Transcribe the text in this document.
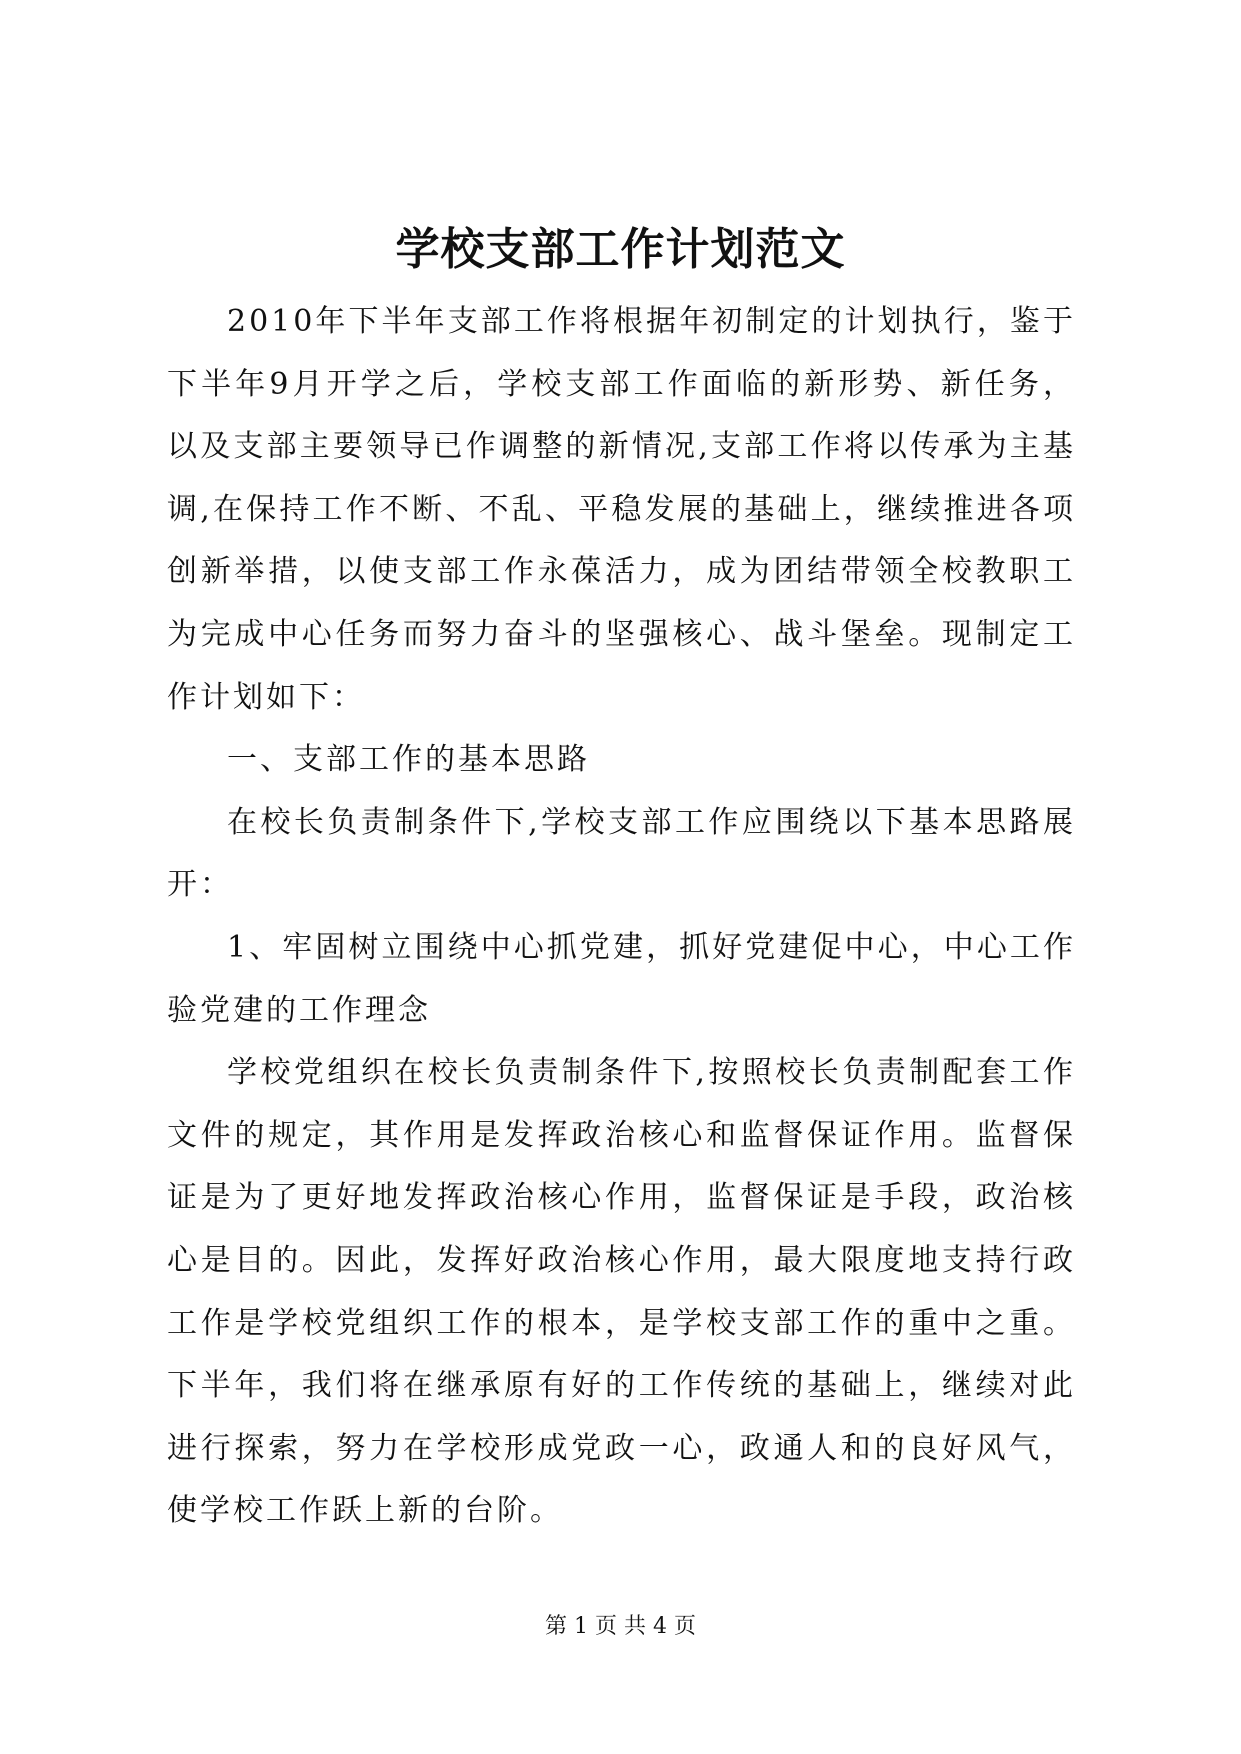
学校支部工作计划范文

2010年下半年支部工作将根据年初制定的计划执行，鉴于下半年9月开学之后，学校支部工作面临的新形势、新任务，以及支部主要领导已作调整的新情况,支部工作将以传承为主基调,在保持工作不断、不乱、平稳发展的基础上，继续推进各项创新举措，以使支部工作永葆活力，成为团结带领全校教职工为完成中心任务而努力奋斗的坚强核心、战斗堡垒。现制定工作计划如下：

一、支部工作的基本思路

在校长负责制条件下,学校支部工作应围绕以下基本思路展开：

1、牢固树立围绕中心抓党建，抓好党建促中心，中心工作验党建的工作理念

学校党组织在校长负责制条件下,按照校长负责制配套工作文件的规定，其作用是发挥政治核心和监督保证作用。监督保证是为了更好地发挥政治核心作用，监督保证是手段，政治核心是目的。因此，发挥好政治核心作用，最大限度地支持行政工作是学校党组织工作的根本，是学校支部工作的重中之重。下半年，我们将在继承原有好的工作传统的基础上，继续对此进行探索，努力在学校形成党政一心，政通人和的良好风气，使学校工作跃上新的台阶。

第 1 页 共 4 页
